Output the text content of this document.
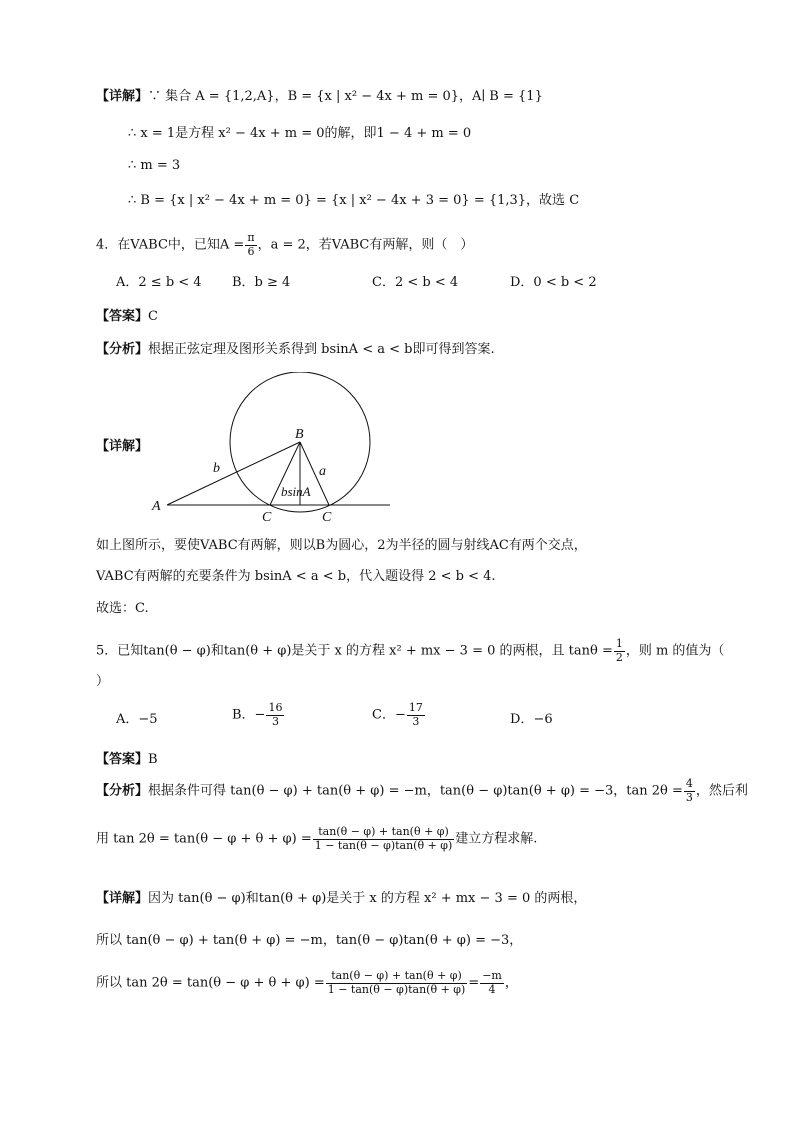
【详解】∵ 集合 A = {1,2,A}，B = {x | x² − 4x + m = 0}，A∣ B = {1}
∴ x = 1是方程 x² − 4x + m = 0的解，即1 − 4 + m = 0
∴ m = 3
∴ B = {x | x² − 4x + m = 0} = {x | x² − 4x + 3 = 0} = {1,3}，故选 C
4．在VABC中，已知$A = \frac{\pi}{6}$ ，a = 2，若VABC有两解，则（　）
A．2 ≤ b < 4 B．b ≥ 4	C．2 < b < 4	D．0 < b < 2
【答案】C
【分析】根据正弦定理及图形关系得到 bsinA < a < b即可得到答案.
【详解】
A
B
C	C
b	a
bsinA
如上图所示，要使VABC有两解，则以B为圆心，2为半径的圆与射线AC有两个交点，
VABC有两解的充要条件为 bsinA < a < b，代入题设得 2 < b < 4.
故选：C.
5．已知tan(θ − φ)和tan(θ + φ)是关于 x 的方程 x² + mx − 3 = 0 的两根，且 $\tan\theta = \frac{1}{2}$ ，则 m 的值为（
）
A．−5	B．− $\frac{16}{3}$	C．− $\frac{17}{3}$	D．−6
【答案】B
【分析】根据条件可得 tan(θ − φ) + tan(θ + φ) = −m，tan(θ − φ)tan(θ + φ) = −3，$\tan 2\theta = \frac{4}{3}$ ，然后利
用 $\tan 2\theta = \tan(\theta - \varphi + \theta + \varphi) = \frac{\tan(\theta - \varphi) + \tan(\theta + \varphi)}{1 - \tan(\theta - \varphi)\tan(\theta + \varphi)}$ 建立方程求解.
【详解】因为 tan(θ − φ)和tan(θ + φ)是关于 x 的方程 x² + mx − 3 = 0 的两根，
所以 tan(θ − φ) + tan(θ + φ) = −m，tan(θ − φ)tan(θ + φ) = −3，
所以 $\tan 2\theta = \tan(\theta - \varphi + \theta + \varphi) = \frac{\tan(\theta - \varphi) + \tan(\theta + \varphi)}{1 - \tan(\theta - \varphi)\tan(\theta + \varphi)} = \frac{-m}{4}$ ，
